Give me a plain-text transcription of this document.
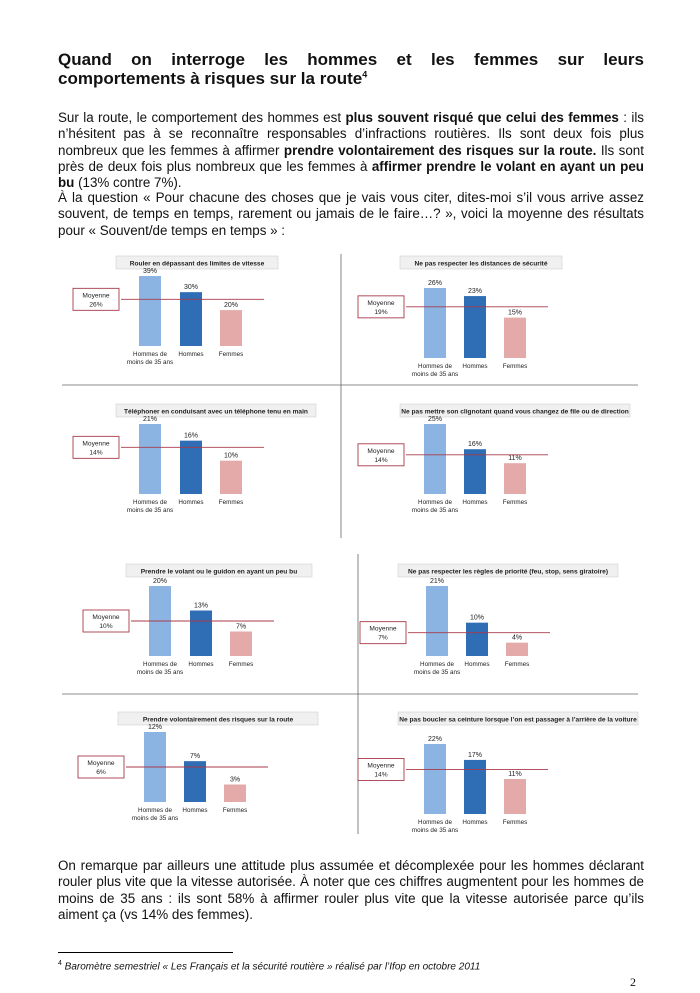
Quand on interroge les hommes et les femmes sur leurs comportements à risques sur la route$^4$

Sur la route, le comportement des hommes est plus souvent risqué que celui des femmes : ils n’hésitent pas à se reconnaître responsables d’infractions routières. Ils sont deux fois plus nombreux que les femmes à affirmer prendre volontairement des risques sur la route. Ils sont près de deux fois plus nombreux que les femmes à affirmer prendre le volant en ayant un peu bu (13% contre 7%).

À la question « Pour chacune des choses que je vais vous citer, dites-moi s’il vous arrive assez souvent, de temps en temps, rarement ou jamais de le faire…? », voici la moyenne des résultats pour « Souvent/de temps en temps » :

Rouler en dépassant des limites de vitesse
39%
30%
20%
Moyenne
26%
Hommes de
moins de 35 ans
Hommes Femmes
Ne pas respecter les distances de sécurité
26%
23%
15%
Moyenne
19%
Hommes de
moins de 35 ans
Hommes Femmes
Téléphoner en conduisant avec un téléphone tenu en main
21%
16%
10%
Moyenne
14%
Hommes de
moins de 35 ans
Hommes Femmes
Ne pas mettre son clignotant quand vous changez de file ou de direction
25%
16%
11%
Moyenne
14%
Hommes de
moins de 35 ans
Hommes Femmes
Prendre le volant ou le guidon en ayant un peu bu
20%
13%
7%
Moyenne
10%
Hommes de
moins de 35 ans
Hommes Femmes
Ne pas respecter les règles de priorité (feu, stop, sens giratoire)
21%
10%
4%
Moyenne
7%
Hommes de
moins de 35 ans
Hommes Femmes
Prendre volontairement des risques sur la route
12%
7%
3%
Moyenne
6%
Hommes de
moins de 35 ans
Hommes Femmes
Ne pas boucler sa ceinture lorsque l’on est passager à l’arrière de la voiture
22%
17%
11%
Moyenne
14%
Hommes de
moins de 35 ans
Hommes Femmes

On remarque par ailleurs une attitude plus assumée et décomplexée pour les hommes déclarant rouler plus vite que la vitesse autorisée. À noter que ces chiffres augmentent pour les hommes de moins de 35 ans : ils sont 58% à affirmer rouler plus vite que la vitesse autorisée parce qu’ils aiment ça (vs 14% des femmes).

$^4$ Baromètre semestriel « Les Français et la sécurité routière » réalisé par l’Ifop en octobre 2011
2
